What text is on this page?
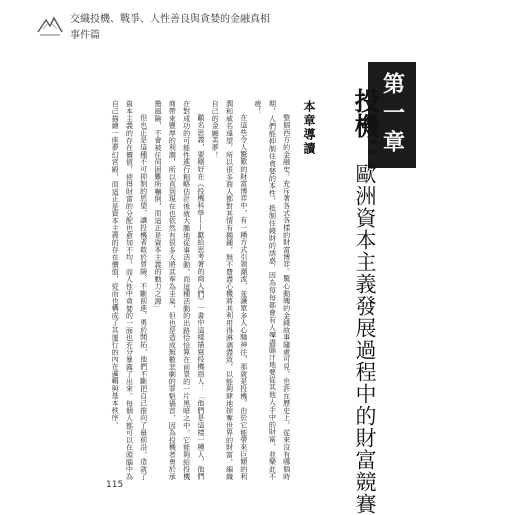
交織投機、戰爭、人性善良與貪婪的金融真相
事件篇
第一章
投機：歐洲資本主義發展過程中的財富競賽
本章導讀

整個西方的金融史，充斥著各式各樣的財富博弈。驚心動魄的金錢故事隨處可見，也許在歷史上，從來沒有哪個時期，人們能抑制住貪婪的本性，抵制住錢財的誘惑，因為每每都會有人殫盡腦汁地要從其他人手中的財富，並樂此不疲！

在這些令人驚歎的財富博弈中，有一種方式引領潮流，並讓眾多人心馳神往，那就是投機。由於它能帶來巨額的利潤和威名遠望，所以很多商人都對其情有獨鍾，無不費盡心機將其利用得淋漓盡致，以能夠肆地掠奪世界的財富，編織自己的金融美夢！

顧名思義，要剛好在《投機科學——獻給思考著的商人們》一書中這樣描寫投機商人：「他們是這樣一種人，他們在對成功的可能性進行粗略估計後就大膽地從事活動，而這種活動的出路恰恰算在前景的一片黑暗之中。它能夠給投機商帶來豐厚的利潤，所以直到現在也依然有很多人將其奉為圭臬，但也是造成無數悲劇的罪魁禍首，因為投機者勇於承擔風險，不會被任何困難所嚇倒，而這正是資本主義的動力之源」

但也正是這種不可抑制的慾望，讓投機者敢於冒險、不斷前進、勇於開拓，他們不斷把自己推向了最前沿，造就了資本主義的存在價值，使得財富的分配也愈加不均，而人性中貪婪的一面也充分暴露了出來。每個人都可以在頭腦中為自己描繪一座夢幻宮殿，而這正是資本主義的存在價值，從而也構成了其運行的內在邏輯與基本秩序。

115
